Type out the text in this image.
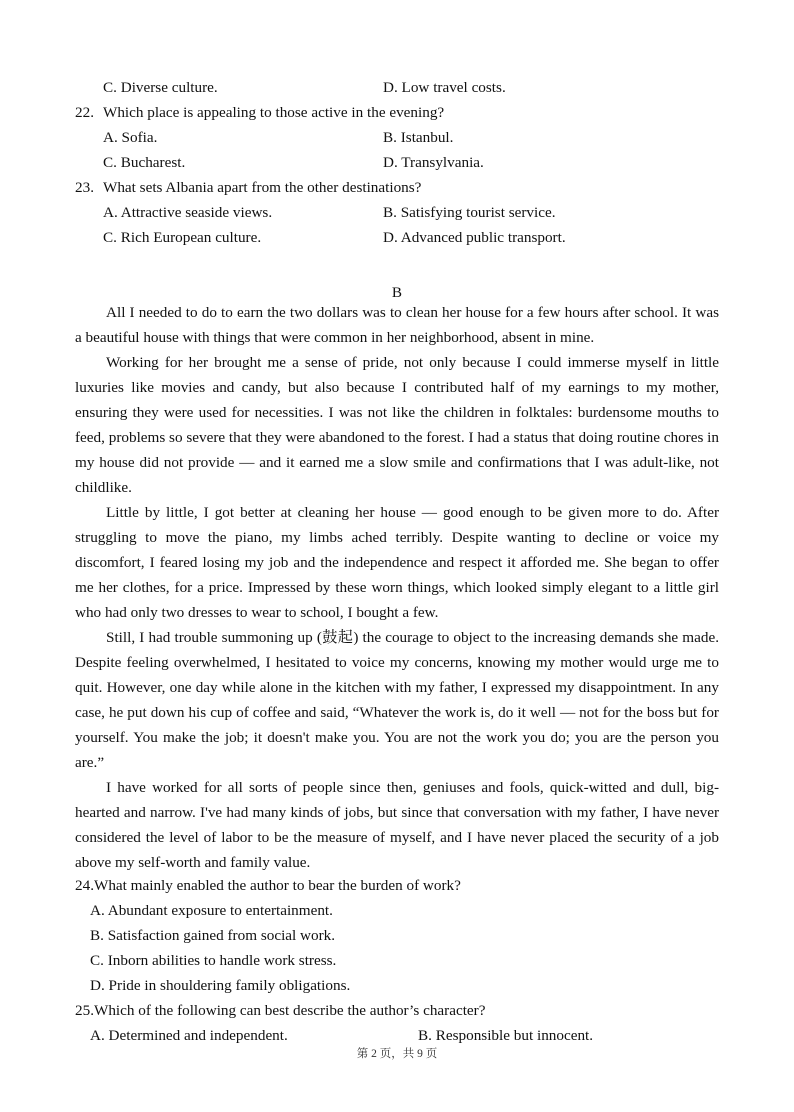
C. Diverse culture.	D. Low travel costs.
22. Which place is appealing to those active in the evening?
A. Sofia.	B. Istanbul.
C. Bucharest.	D. Transylvania.
23. What sets Albania apart from the other destinations?
A. Attractive seaside views.	B. Satisfying tourist service.
C. Rich European culture.	D. Advanced public transport.
B
All I needed to do to earn the two dollars was to clean her house for a few hours after school. It was a beautiful house with things that were common in her neighborhood, absent in mine.
Working for her brought me a sense of pride, not only because I could immerse myself in little luxuries like movies and candy, but also because I contributed half of my earnings to my mother, ensuring they were used for necessities. I was not like the children in folktales: burdensome mouths to feed, problems so severe that they were abandoned to the forest. I had a status that doing routine chores in my house did not provide — and it earned me a slow smile and confirmations that I was adult-like, not childlike.
Little by little, I got better at cleaning her house — good enough to be given more to do. After struggling to move the piano, my limbs ached terribly. Despite wanting to decline or voice my discomfort, I feared losing my job and the independence and respect it afforded me. She began to offer me her clothes, for a price. Impressed by these worn things, which looked simply elegant to a little girl who had only two dresses to wear to school, I bought a few.
Still, I had trouble summoning up (鼓起) the courage to object to the increasing demands she made. Despite feeling overwhelmed, I hesitated to voice my concerns, knowing my mother would urge me to quit. However, one day while alone in the kitchen with my father, I expressed my disappointment. In any case, he put down his cup of coffee and said, “Whatever the work is, do it well — not for the boss but for yourself. You make the job; it doesn't make you. You are not the work you do; you are the person you are.”
I have worked for all sorts of people since then, geniuses and fools, quick-witted and dull, big-hearted and narrow. I've had many kinds of jobs, but since that conversation with my father, I have never considered the level of labor to be the measure of myself, and I have never placed the security of a job above my self-worth and family value.
24.What mainly enabled the author to bear the burden of work?
A. Abundant exposure to entertainment.
B. Satisfaction gained from social work.
C. Inborn abilities to handle work stress.
D. Pride in shouldering family obligations.
25.Which of the following can best describe the author’s character?
A. Determined and independent.	B. Responsible but innocent.
第 2 页，共 9 页
